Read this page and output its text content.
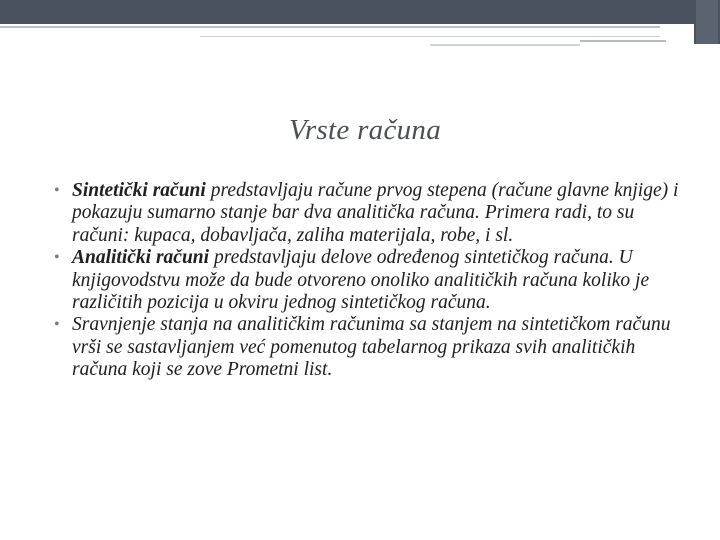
Vrste računa
• Sintetički računi predstavljaju račune prvog stepena (račune glavne knjige) i pokazuju sumarno stanje bar dva analitička računa. Primera radi, to su računi: kupaca, dobavljača, zaliha materijala, robe, i sl.
• Analitički računi predstavljaju delove određenog sintetičkog računa. U knjigovodstvu može da bude otvoreno onoliko analitičkih računa koliko je različitih pozicija u okviru jednog sintetičkog računa.
• Sravnjenje stanja na analitičkim računima sa stanjem na sintetičkom računu vrši se sastavljanjem već pomenutog tabelarnog prikaza svih analitičkih računa koji se zove Prometni list.
